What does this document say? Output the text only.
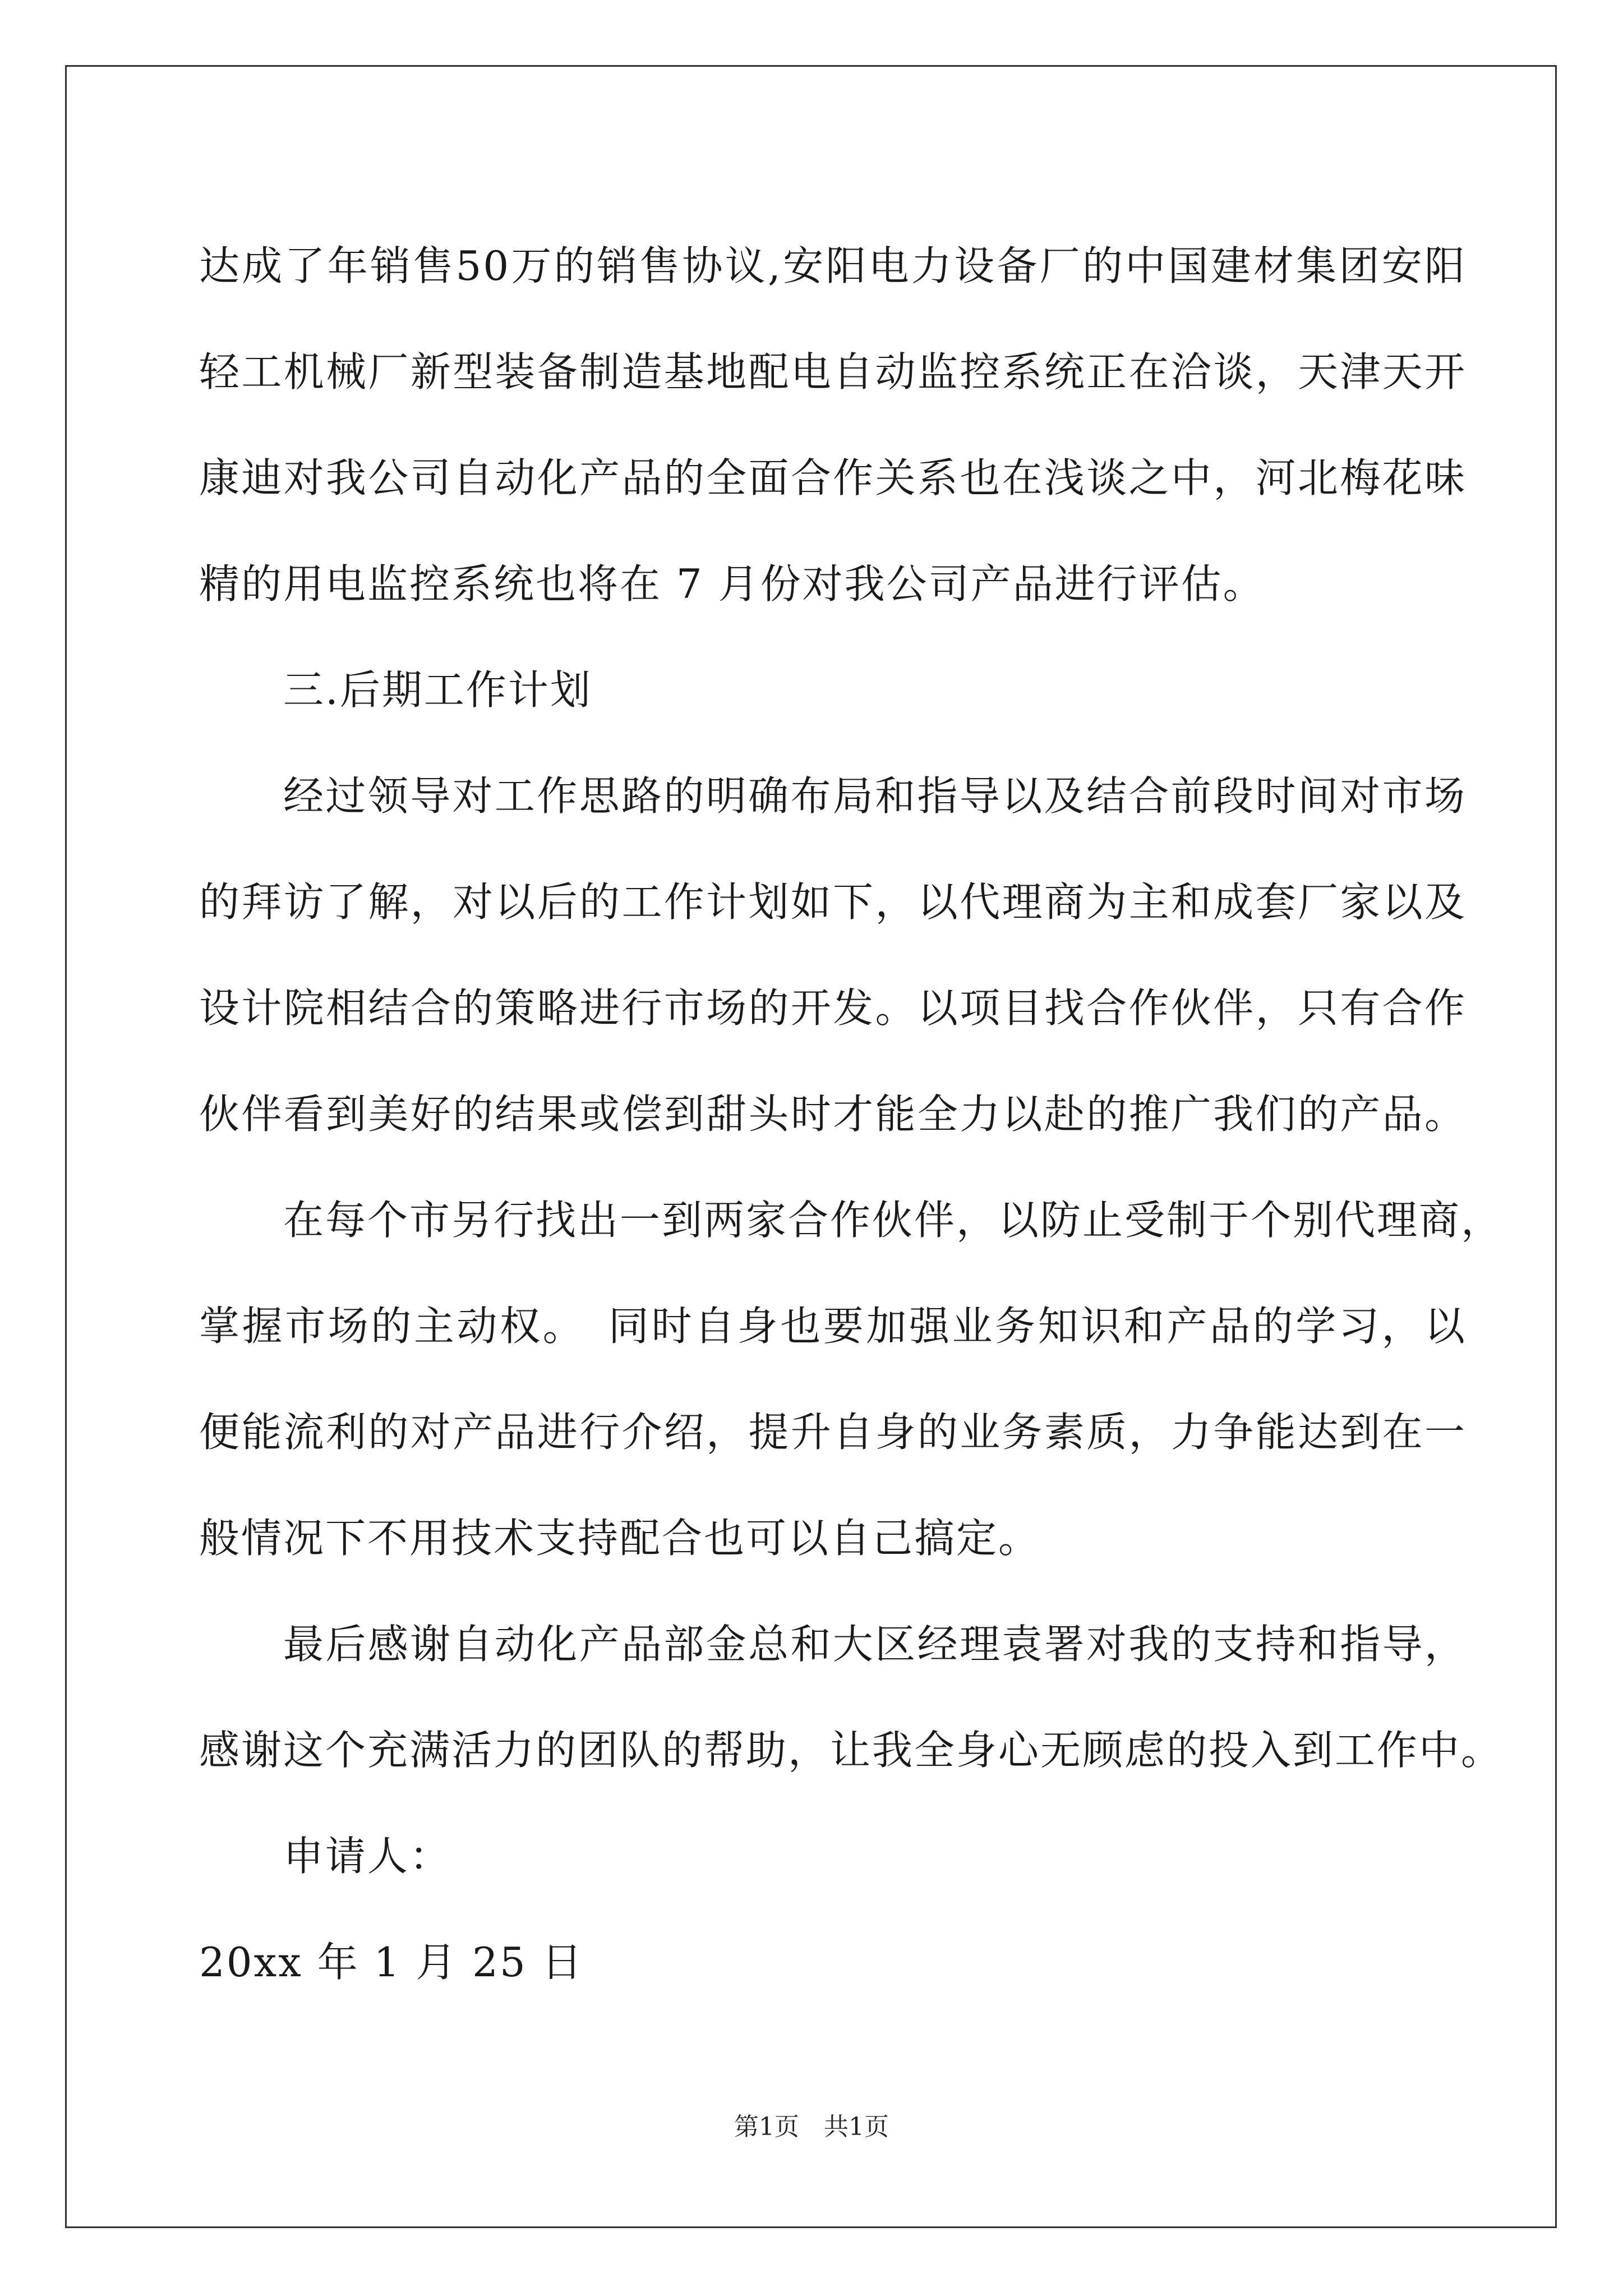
达成了年销售50万的销售协议,安阳电力设备厂的中国建材集团安阳

轻工机械厂新型装备制造基地配电自动监控系统正在洽谈，天津天开

康迪对我公司自动化产品的全面合作关系也在浅谈之中，河北梅花味

精的用电监控系统也将在 7 月份对我公司产品进行评估。

三.后期工作计划

经过领导对工作思路的明确布局和指导以及结合前段时间对市场

的拜访了解，对以后的工作计划如下，以代理商为主和成套厂家以及

设计院相结合的策略进行市场的开发。以项目找合作伙伴，只有合作

伙伴看到美好的结果或偿到甜头时才能全力以赴的推广我们的产品。

在每个市另行找出一到两家合作伙伴，以防止受制于个别代理商，

掌握市场的主动权。　同时自身也要加强业务知识和产品的学习，以

便能流利的对产品进行介绍，提升自身的业务素质，力争能达到在一

般情况下不用技术支持配合也可以自己搞定。

最后感谢自动化产品部金总和大区经理袁署对我的支持和指导，

感谢这个充满活力的团队的帮助，让我全身心无顾虑的投入到工作中。

申请人：

20xx 年 1 月 25 日

第1页　共1页
